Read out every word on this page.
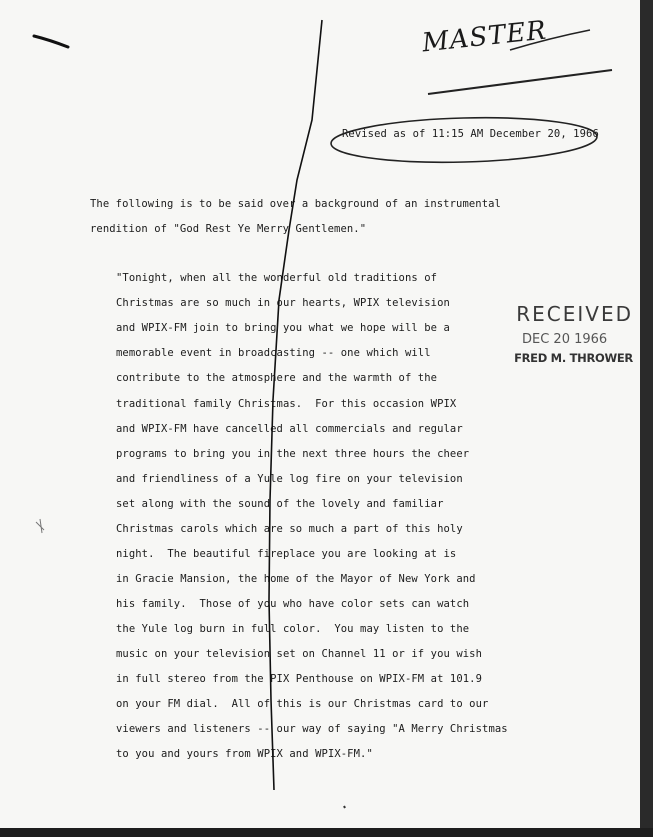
MASTER
Revised as of 11:15 AM December 20, 1966
The following is to be said over a background of an instrumental
rendition of "God Rest Ye Merry Gentlemen."
"Tonight, when all the wonderful old traditions of
Christmas are so much in our hearts, WPIX television
and WPIX-FM join to bring you what we hope will be a
memorable event in broadcasting -- one which will
contribute to the atmosphere and the warmth of the
traditional family Christmas.  For this occasion WPIX
and WPIX-FM have cancelled all commercials and regular
programs to bring you in the next three hours the cheer
and friendliness of a Yule log fire on your television
set along with the sound of the lovely and familiar
Christmas carols which are so much a part of this holy
night.  The beautiful fireplace you are looking at is
in Gracie Mansion, the home of the Mayor of New York and
his family.  Those of you who have color sets can watch
the Yule log burn in full color.  You may listen to the
music on your television set on Channel 11 or if you wish
in full stereo from the PIX Penthouse on WPIX-FM at 101.9
on your FM dial.  All of this is our Christmas card to our
viewers and listeners -- our way of saying "A Merry Christmas
to you and yours from WPIX and WPIX-FM."
RECEIVED
DEC 20 1966
FRED M. THROWER
